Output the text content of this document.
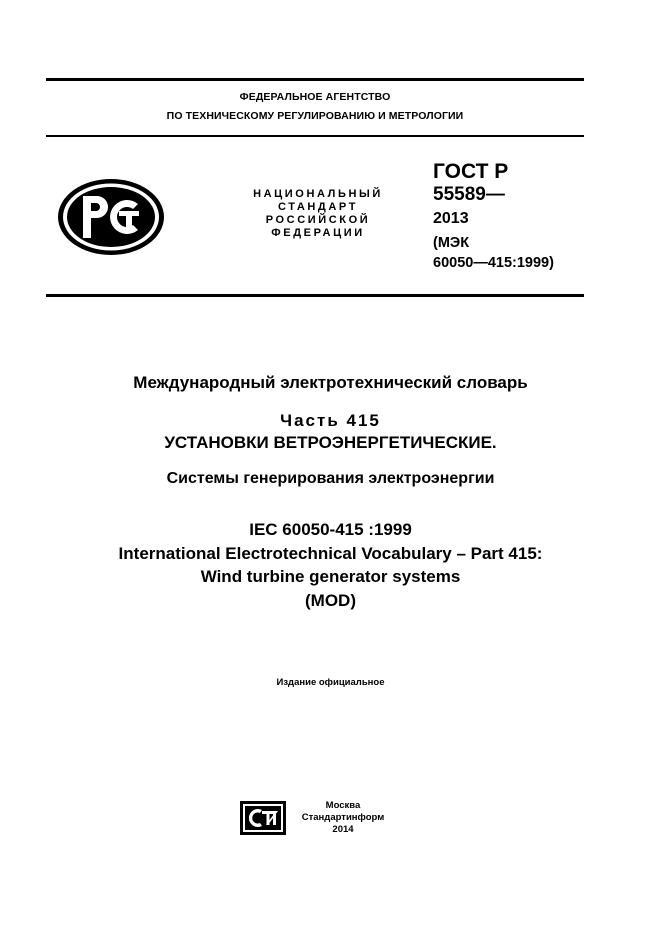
ФЕДЕРАЛЬНОЕ АГЕНТСТВО
ПО ТЕХНИЧЕСКОМУ РЕГУЛИРОВАНИЮ И МЕТРОЛОГИИ
НАЦИОНАЛЬНЫЙ
СТАНДАРТ
РОССИЙСКОЙ
ФЕДЕРАЦИИ
ГОСТ Р
55589—
2013
(МЭК
60050—415:1999)
Международный электротехнический словарь
Часть 415
УСТАНОВКИ ВЕТРОЭНЕРГЕТИЧЕСКИЕ.
Системы генерирования электроэнергии
IEC 60050-415 :1999
International Electrotechnical Vocabulary – Part 415:
Wind turbine generator systems
(MOD)
Издание официальное
Москва
Стандартинформ
2014
